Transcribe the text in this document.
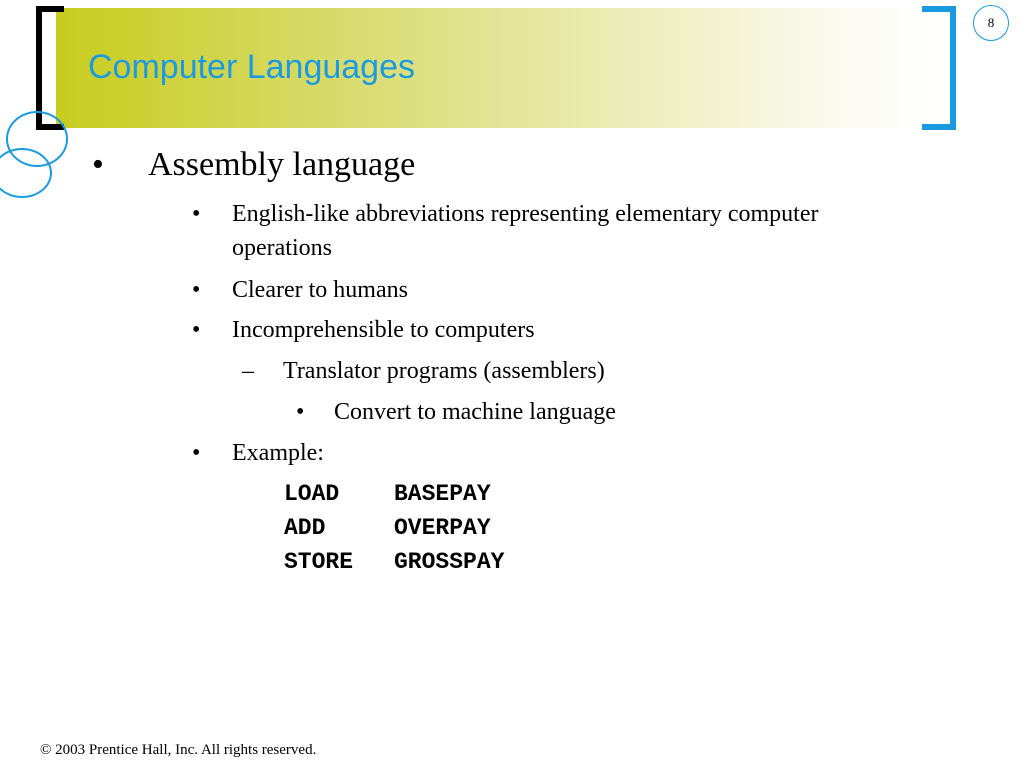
8
Computer Languages
• Assembly language
• English-like abbreviations representing elementary computer
operations
• Clearer to humans
• Incomprehensible to computers
– Translator programs (assemblers)
• Convert to machine language
• Example:
LOAD BASEPAY
ADD	OVERPAY
STORE GROSSPAY
© 2003 Prentice Hall, Inc. All rights reserved.
